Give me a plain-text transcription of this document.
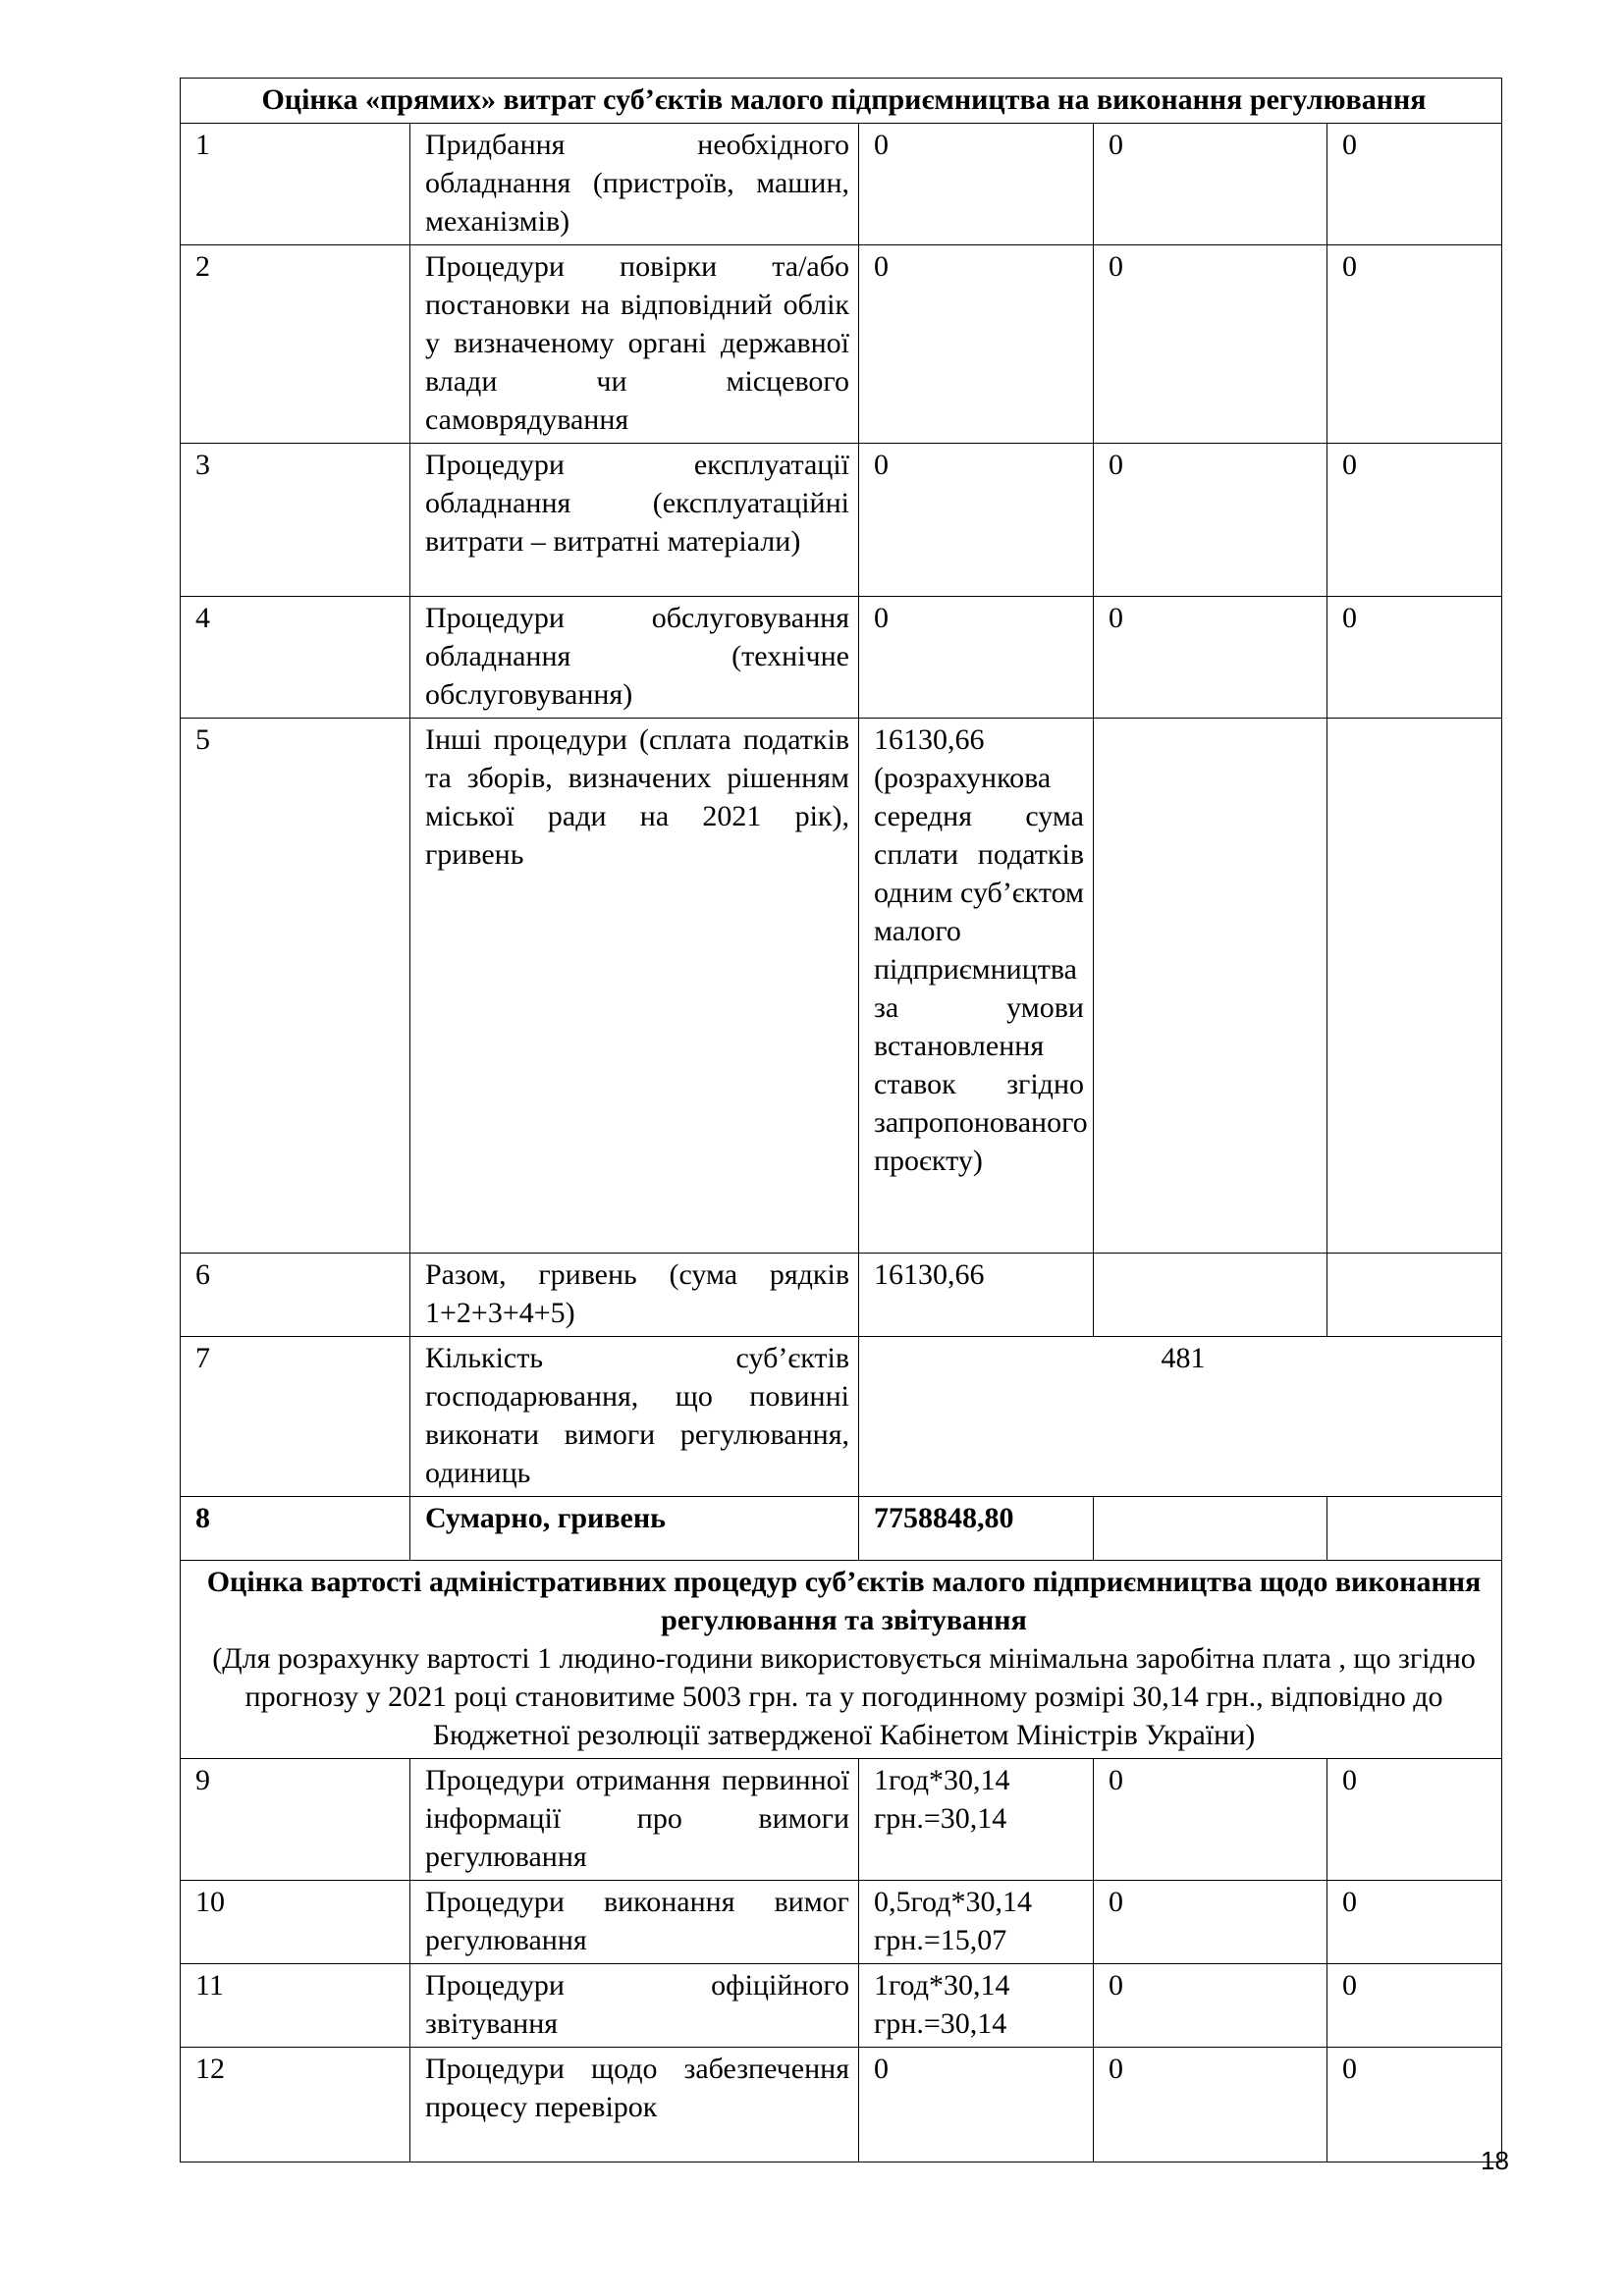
Оцінка «прямих» витрат суб’єктів малого підприємництва на виконання регулювання				
1	Придбання необхідного обладнання (пристроїв, машин, механізмів)	0	0	0
2	Процедури повірки та/або постановки на відповідний облік у визначеному органі державної влади чи місцевого самоврядування	0	0	0
3	Процедури експлуатації обладнання (експлуатаційні витрати – витратні матеріали)	0	0	0
4	Процедури обслуговування обладнання (технічне обслуговування)	0	0	0
5	Інші процедури (сплата податків та зборів, визначених рішенням міської ради на 2021 рік), гривень	16130,66 (розрахункова середня сума сплати податків одним суб’єктом малого підприємництва за умови встановлення ставок згідно запропонованого проєкту)		
6	Разом, гривень (сума рядків 1+2+3+4+5)	16130,66		
7	Кількість суб’єктів господарювання, що повинні виконати вимоги регулювання, одиниць	481		
8	Сумарно, гривень	7758848,80		

Оцінка вартості адміністративних процедур суб’єктів малого підприємництва щодо виконання регулювання та звітування
(Для розрахунку вартості 1 людино-години використовується мінімальна заробітна плата , що згідно прогнозу у 2021 році становитиме 5003 грн. та у погодинному розмірі 30,14 грн., відповідно до Бюджетної резолюції затвердженої Кабінетом Міністрів України)				

9	Процедури отримання первинної інформації про вимоги регулювання	1год*30,14 грн.=30,14	0	0
10	Процедури виконання вимог регулювання	0,5год*30,14 грн.=15,07	0	0
11	Процедури офіційного звітування	1год*30,14 грн.=30,14	0	0
12	Процедури щодо забезпечення процесу перевірок	0	0	0
18
